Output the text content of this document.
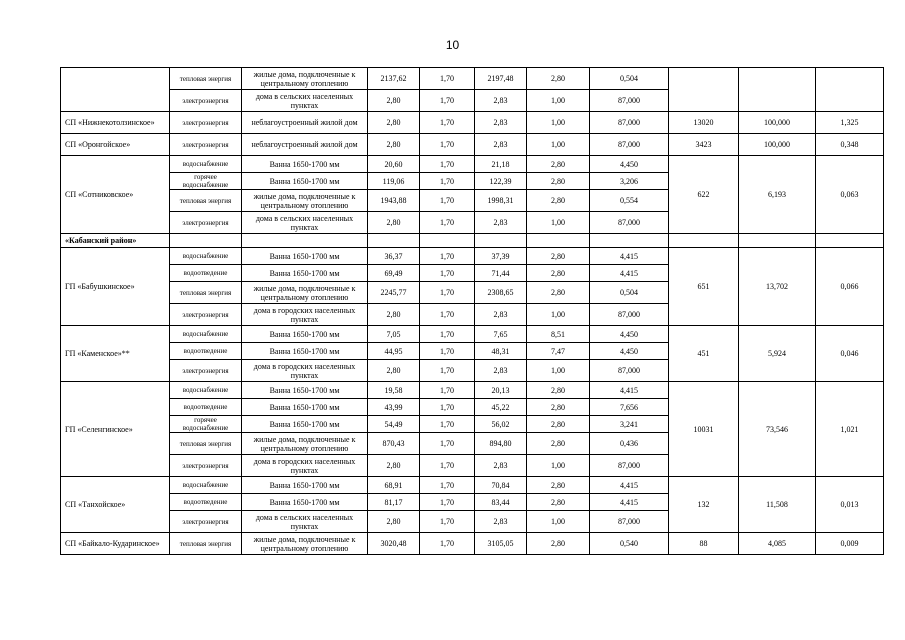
10
	тепловая энергия	жилые дома, подключенные к центральному отоплению	2137,62	1,70	2197,48	2,80	0,504			
	электроэнергия	дома в сельских населенных пунктах	2,80	1,70	2,83	1,00	87,000			
СП «Нижнекотолзинское»	электроэнергия	неблагоустроенный жилой дом	2,80	1,70	2,83	1,00	87,000	13020	100,000	1,325
СП «Оронгойское»	электроэнергия	неблагоустроенный жилой дом	2,80	1,70	2,83	1,00	87,000	3423	100,000	0,348
СП «Сотниковское»	водоснабжение	Ванна 1650-1700 мм	20,60	1,70	21,18	2,80	4,450	622	6,193	0,063
	горячее водоснабжение	Ванна 1650-1700 мм	119,06	1,70	122,39	2,80	3,206			
	тепловая энергия	жилые дома, подключенные к центральному отоплению	1943,88	1,70	1998,31	2,80	0,554			
	электроэнергия	дома в сельских населенных пунктах	2,80	1,70	2,83	1,00	87,000			
«Кабанский район»										
ГП «Бабушкинское»	водоснабжение	Ванна 1650-1700 мм	36,37	1,70	37,39	2,80	4,415	651	13,702	0,066
	водоотведение	Ванна 1650-1700 мм	69,49	1,70	71,44	2,80	4,415			
	тепловая энергия	жилые дома, подключенные к центральному отоплению	2245,77	1,70	2308,65	2,80	0,504			
	электроэнергия	дома в городских населенных пунктах	2,80	1,70	2,83	1,00	87,000			
ГП «Каменское»**	водоснабжение	Ванна 1650-1700 мм	7,05	1,70	7,65	8,51	4,450	451	5,924	0,046
	водоотведение	Ванна 1650-1700 мм	44,95	1,70	48,31	7,47	4,450			
	электроэнергия	дома в городских населенных пунктах	2,80	1,70	2,83	1,00	87,000			
ГП «Селенгинское»	водоснабжение	Ванна 1650-1700 мм	19,58	1,70	20,13	2,80	4,415	10031	73,546	1,021
	водоотведение	Ванна 1650-1700 мм	43,99	1,70	45,22	2,80	7,656			
	горячее водоснабжение	Ванна 1650-1700 мм	54,49	1,70	56,02	2,80	3,241			
	тепловая энергия	жилые дома, подключенные к центральному отоплению	870,43	1,70	894,80	2,80	0,436			
	электроэнергия	дома в городских населенных пунктах	2,80	1,70	2,83	1,00	87,000			
СП «Танхойское»	водоснабжение	Ванна 1650-1700 мм	68,91	1,70	70,84	2,80	4,415	132	11,508	0,013
	водоотведение	Ванна 1650-1700 мм	81,17	1,70	83,44	2,80	4,415			
	электроэнергия	дома в сельских населенных пунктах	2,80	1,70	2,83	1,00	87,000			
СП «Байкало-Кударинское»	тепловая энергия	жилые дома, подключенные к центральному отоплению	3020,48	1,70	3105,05	2,80	0,540	88	4,085	0,009
